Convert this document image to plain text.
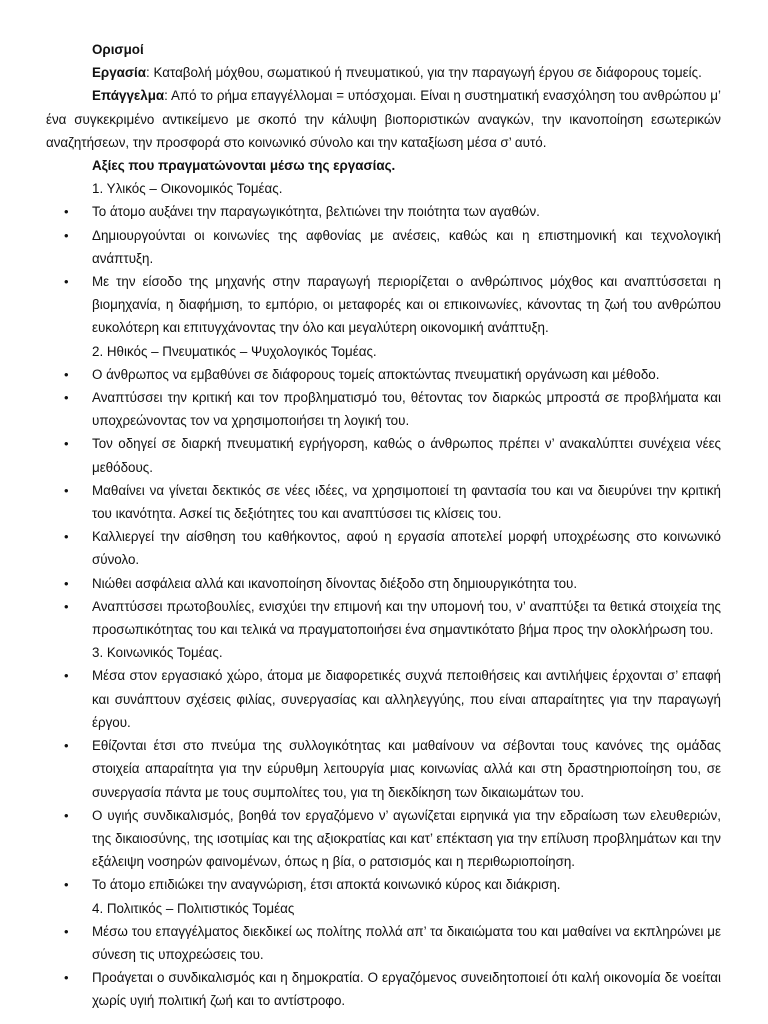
Ορισμοί

Εργασία: Καταβολή μόχθου, σωματικού ή πνευματικού, για την παραγωγή έργου σε διάφορους τομείς.

Επάγγελμα: Από το ρήμα επαγγέλλομαι = υπόσχομαι. Είναι η συστηματική ενασχόληση του ανθρώπου μ’ ένα συγκεκριμένο αντικείμενο με σκοπό την κάλυψη βιοποριστικών αναγκών, την ικανοποίηση εσωτερικών αναζητήσεων, την προσφορά στο κοινωνικό σύνολο και την καταξίωση μέσα σ’ αυτό.

Αξίες που πραγματώνονται μέσω της εργασίας.

1. Υλικός – Οικονομικός Τομέας.

• Το άτομο αυξάνει την παραγωγικότητα, βελτιώνει την ποιότητα των αγαθών.
• Δημιουργούνται οι κοινωνίες της αφθονίας με ανέσεις, καθώς και η επιστημονική και τεχνολογική ανάπτυξη.
• Με την είσοδο της μηχανής στην παραγωγή περιορίζεται ο ανθρώπινος μόχθος και αναπτύσσεται η βιομηχανία, η διαφήμιση, το εμπόριο, οι μεταφορές και οι επικοινωνίες, κάνοντας τη ζωή του ανθρώπου ευκολότερη και επιτυγχάνοντας την όλο και μεγαλύτερη οικονομική ανάπτυξη.

2. Ηθικός – Πνευματικός – Ψυχολογικός Τομέας.

• Ο άνθρωπος να εμβαθύνει σε διάφορους τομείς αποκτώντας πνευματική οργάνωση και μέθοδο.
• Αναπτύσσει την κριτική και τον προβληματισμό του, θέτοντας τον διαρκώς μπροστά σε προβλήματα και υποχρεώνοντας τον να χρησιμοποιήσει τη λογική του.
• Τον οδηγεί σε διαρκή πνευματική εγρήγορση, καθώς ο άνθρωπος πρέπει ν’ ανακαλύπτει συνέχεια νέες μεθόδους.
• Μαθαίνει να γίνεται δεκτικός σε νέες ιδέες, να χρησιμοποιεί τη φαντασία του και να διευρύνει την κριτική του ικανότητα. Ασκεί τις δεξιότητες του και αναπτύσσει τις κλίσεις του.
• Καλλιεργεί την αίσθηση του καθήκοντος, αφού η εργασία αποτελεί μορφή υποχρέωσης στο κοινωνικό σύνολο.
• Νιώθει ασφάλεια αλλά και ικανοποίηση δίνοντας διέξοδο στη δημιουργικότητα του.
• Αναπτύσσει πρωτοβουλίες, ενισχύει την επιμονή και την υπομονή του, ν’ αναπτύξει τα θετικά στοιχεία της προσωπικότητας του και τελικά να πραγματοποιήσει ένα σημαντικότατο βήμα προς την ολοκλήρωση του.

3. Κοινωνικός Τομέας.

• Μέσα στον εργασιακό χώρο, άτομα με διαφορετικές συχνά πεποιθήσεις και αντιλήψεις έρχονται σ’ επαφή και συνάπτουν σχέσεις φιλίας, συνεργασίας και αλληλεγγύης, που είναι απαραίτητες για την παραγωγή έργου.
• Εθίζονται έτσι στο πνεύμα της συλλογικότητας και μαθαίνουν να σέβονται τους κανόνες της ομάδας στοιχεία απαραίτητα για την εύρυθμη λειτουργία μιας κοινωνίας αλλά και στη δραστηριοποίηση του, σε συνεργασία πάντα με τους συμπολίτες του, για τη διεκδίκηση των δικαιωμάτων του.
• Ο υγιής συνδικαλισμός, βοηθά τον εργαζόμενο ν’ αγωνίζεται ειρηνικά για την εδραίωση των ελευθεριών, της δικαιοσύνης, της ισοτιμίας και της αξιοκρατίας και κατ’ επέκταση για την επίλυση προβλημάτων και την εξάλειψη νοσηρών φαινομένων, όπως η βία, ο ρατσισμός και η περιθωριοποίηση.
• Το άτομο επιδιώκει την αναγνώριση, έτσι αποκτά κοινωνικό κύρος και διάκριση.

4. Πολιτικός – Πολιτιστικός Τομέας

• Μέσω του επαγγέλματος διεκδικεί ως πολίτης πολλά απ’ τα δικαιώματα του και μαθαίνει να εκπληρώνει με σύνεση τις υποχρεώσεις του.
• Προάγεται ο συνδικαλισμός και η δημοκρατία. Ο εργαζόμενος συνειδητοποιεί ότι καλή οικονομία δε νοείται χωρίς υγιή πολιτική ζωή και το αντίστροφο.
